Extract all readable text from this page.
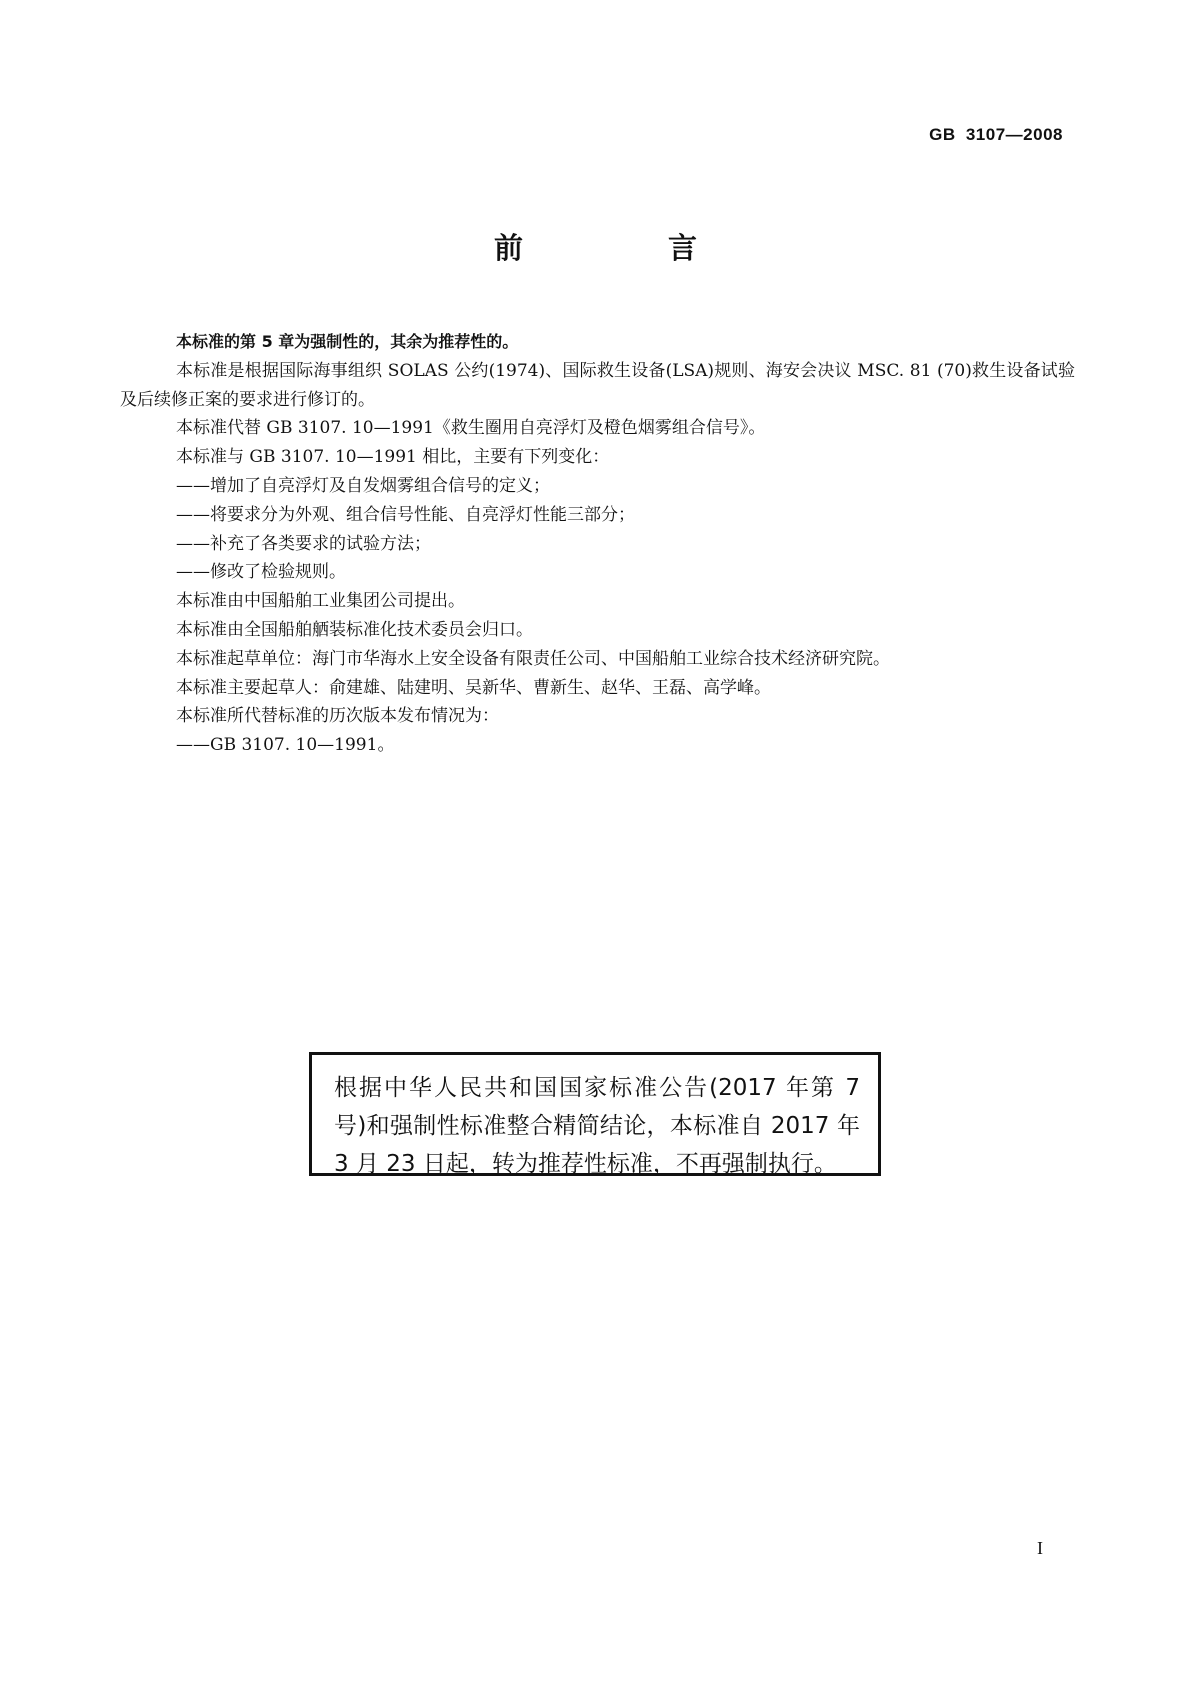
GB 3107—2008
前　言

本标准的第 5 章为强制性的，其余为推荐性的。

本标准是根据国际海事组织 SOLAS 公约(1974)、国际救生设备(LSA)规则、海安会决议 MSC. 81 (70)救生设备试验及后续修正案的要求进行修订的。

本标准代替 GB 3107. 10—1991《救生圈用自亮浮灯及橙色烟雾组合信号》。

本标准与 GB 3107. 10—1991 相比，主要有下列变化：

——增加了自亮浮灯及自发烟雾组合信号的定义；

——将要求分为外观、组合信号性能、自亮浮灯性能三部分；

——补充了各类要求的试验方法；

——修改了检验规则。

本标准由中国船舶工业集团公司提出。

本标准由全国船舶舾装标准化技术委员会归口。

本标准起草单位：海门市华海水上安全设备有限责任公司、中国船舶工业综合技术经济研究院。

本标准主要起草人：俞建雄、陆建明、吴新华、曹新生、赵华、王磊、高学峰。

本标准所代替标准的历次版本发布情况为：

——GB 3107. 10—1991。

根据中华人民共和国国家标准公告(2017 年第 7 号)和强制性标准整合精简结论，本标准自 2017 年 3 月 23 日起，转为推荐性标准，不再强制执行。
I
